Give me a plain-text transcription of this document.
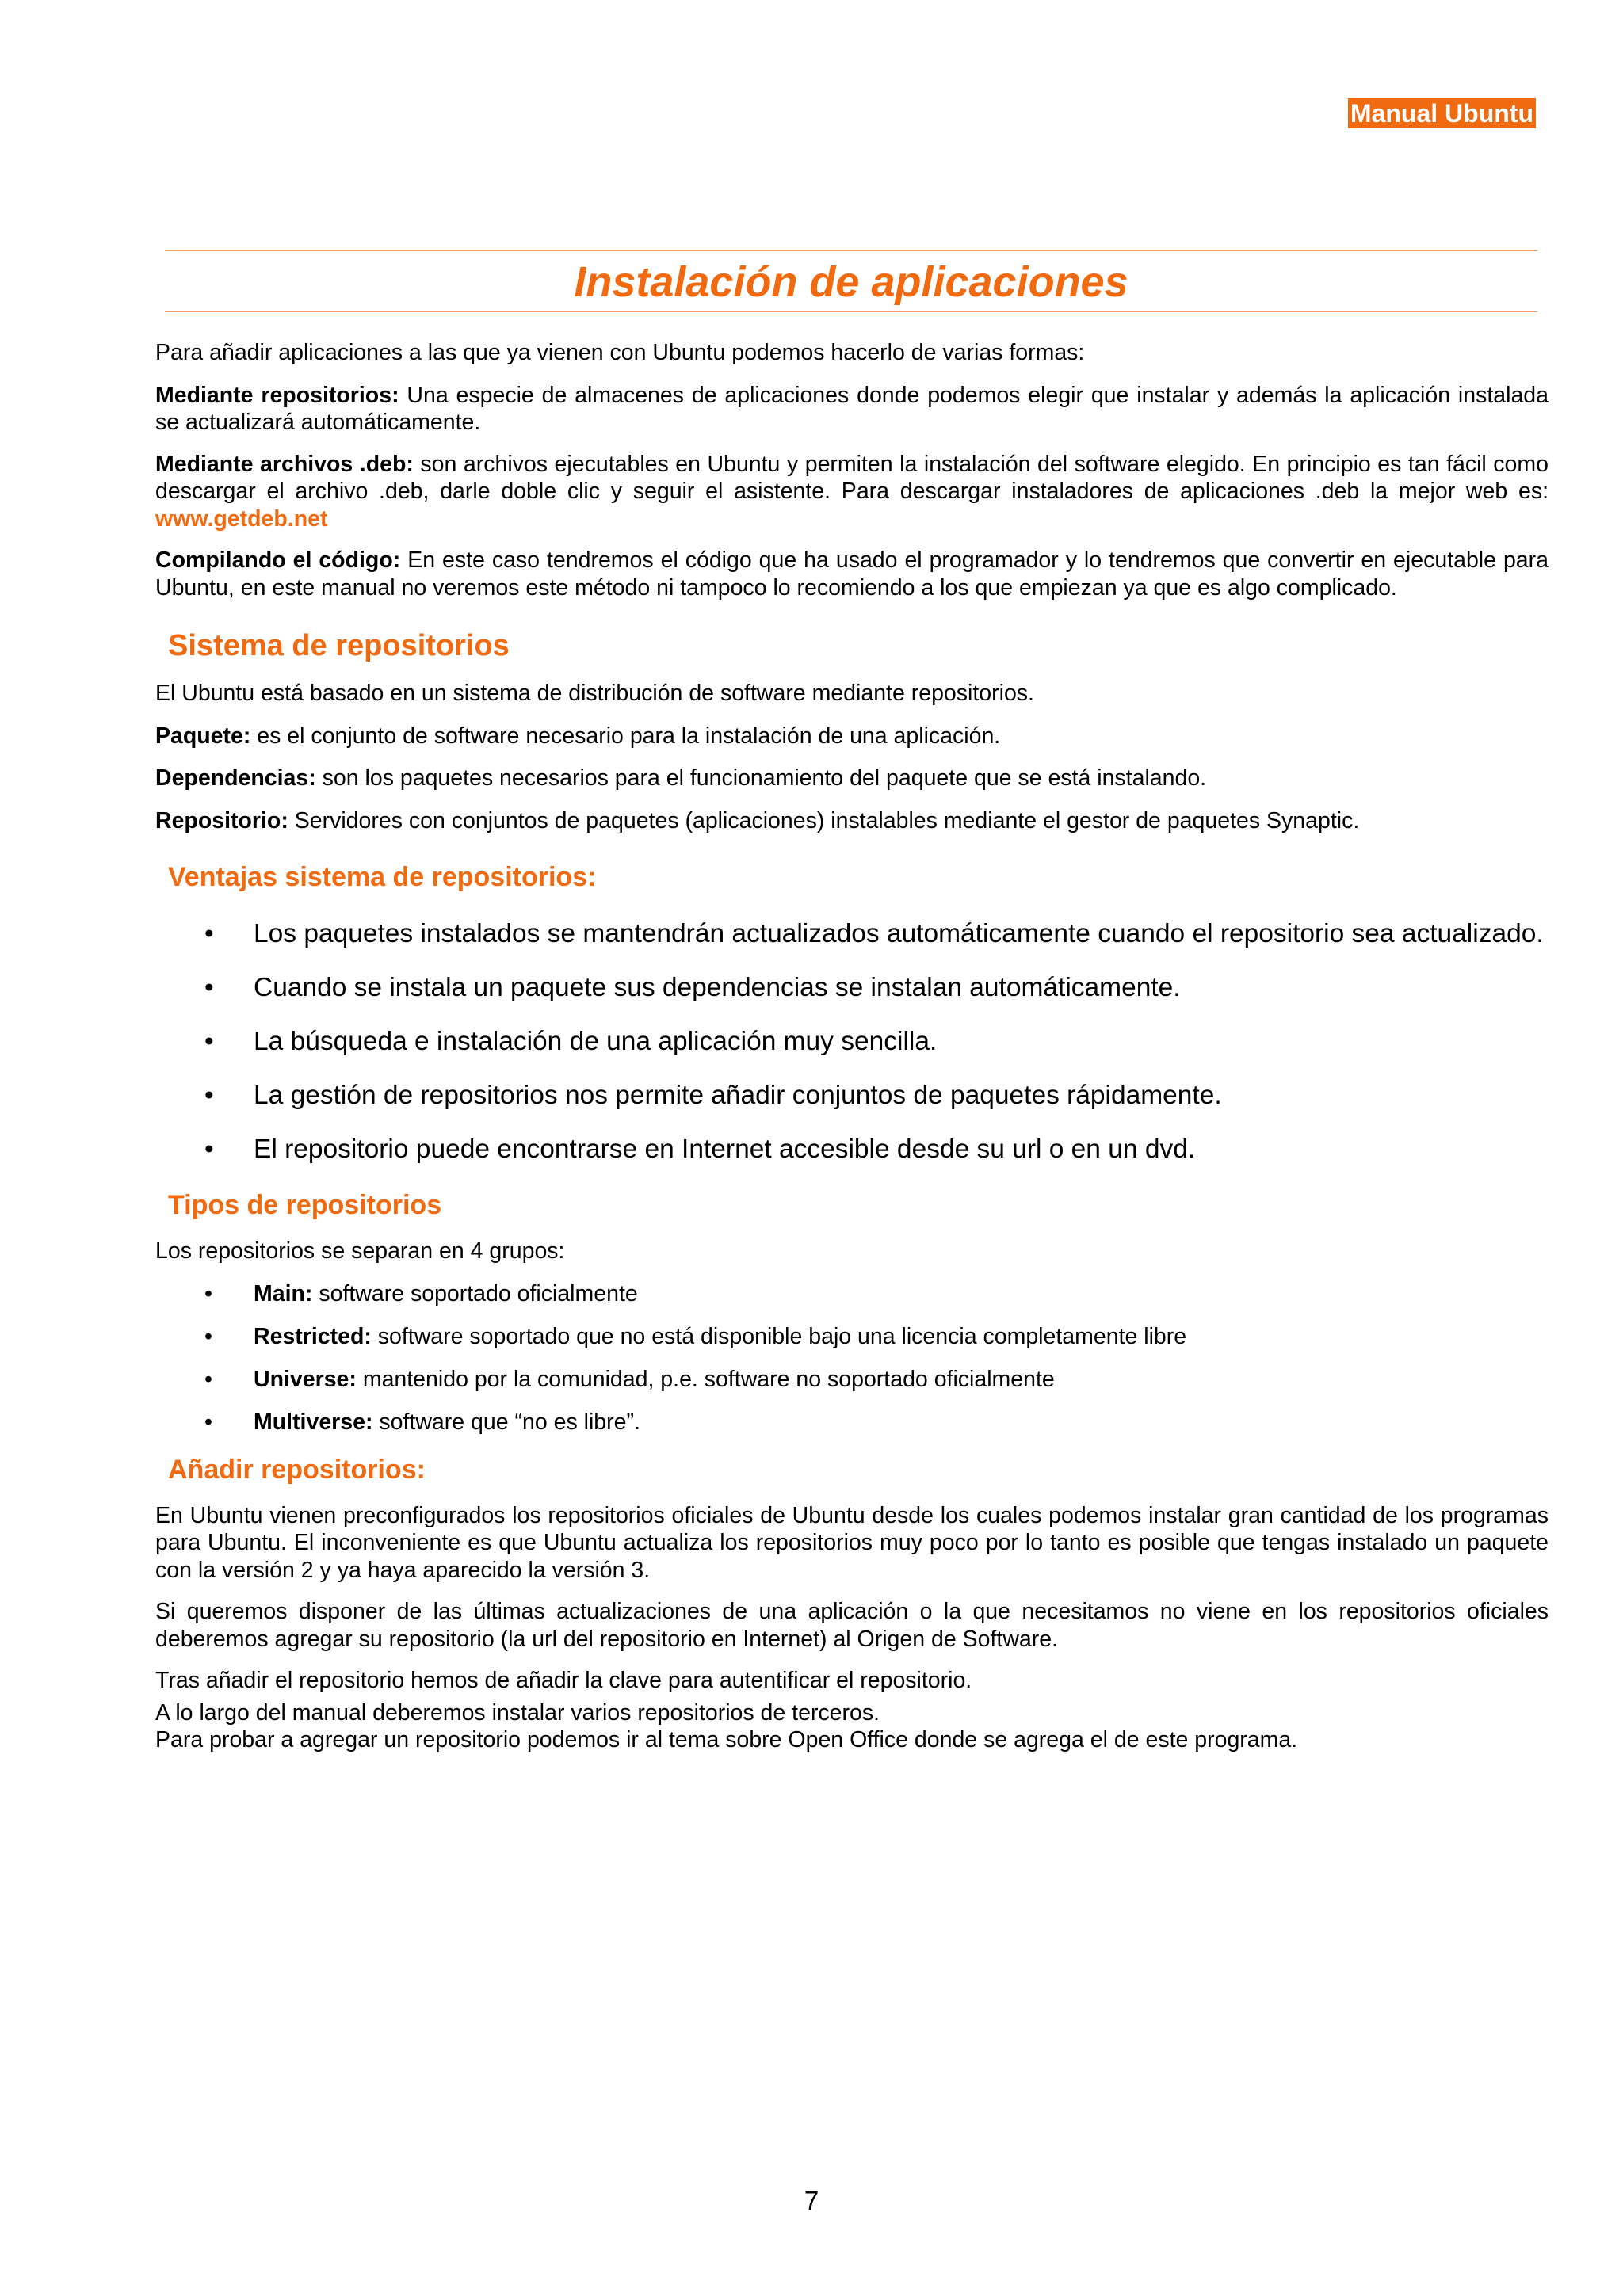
Manual Ubuntu
Instalación de aplicaciones

Para añadir aplicaciones a las que ya vienen con Ubuntu podemos hacerlo de varias formas:

Mediante repositorios: Una especie de almacenes de aplicaciones donde podemos elegir que instalar y además la aplicación instalada se actualizará automáticamente.

Mediante archivos .deb: son archivos ejecutables en Ubuntu y permiten la instalación del software elegido. En principio es tan fácil como descargar el archivo .deb, darle doble clic y seguir el asistente. Para descargar instaladores de aplicaciones .deb la mejor web es: www.getdeb.net

Compilando el código: En este caso tendremos el código que ha usado el programador y lo tendremos que convertir en ejecutable para Ubuntu, en este manual no veremos este método ni tampoco lo recomiendo a los que empiezan ya que es algo complicado.

Sistema de repositorios

El Ubuntu está basado en un sistema de distribución de software mediante repositorios.

Paquete: es el conjunto de software necesario para la instalación de una aplicación.

Dependencias: son los paquetes necesarios para el funcionamiento del paquete que se está instalando.

Repositorio: Servidores con conjuntos de paquetes (aplicaciones) instalables mediante el gestor de paquetes Synaptic.

Ventajas sistema de repositorios:
• Los paquetes instalados se mantendrán actualizados automáticamente cuando el repositorio sea actualizado.
• Cuando se instala un paquete sus dependencias se instalan automáticamente.
• La búsqueda e instalación de una aplicación muy sencilla.
• La gestión de repositorios nos permite añadir conjuntos de paquetes rápidamente.
• El repositorio puede encontrarse en Internet accesible desde su url o en un dvd.
Tipos de repositorios

Los repositorios se separan en 4 grupos:

• Main: software soportado oficialmente
• Restricted: software soportado que no está disponible bajo una licencia completamente libre
• Universe: mantenido por la comunidad, p.e. software no soportado oficialmente
• Multiverse: software que “no es libre”.
Añadir repositorios:

En Ubuntu vienen preconfigurados los repositorios oficiales de Ubuntu desde los cuales podemos instalar gran cantidad de los programas para Ubuntu. El inconveniente es que Ubuntu actualiza los repositorios muy poco por lo tanto es posible que tengas instalado un paquete con la versión 2 y ya haya aparecido la versión 3.

Si queremos disponer de las últimas actualizaciones de una aplicación o la que necesitamos no viene en los repositorios oficiales deberemos agregar su repositorio (la url del repositorio en Internet) al Origen de Software.

Tras añadir el repositorio hemos de añadir la clave para autentificar el repositorio.

A lo largo del manual deberemos instalar varios repositorios de terceros.

Para probar a agregar un repositorio podemos ir al tema sobre Open Office donde se agrega el de este programa.

7
